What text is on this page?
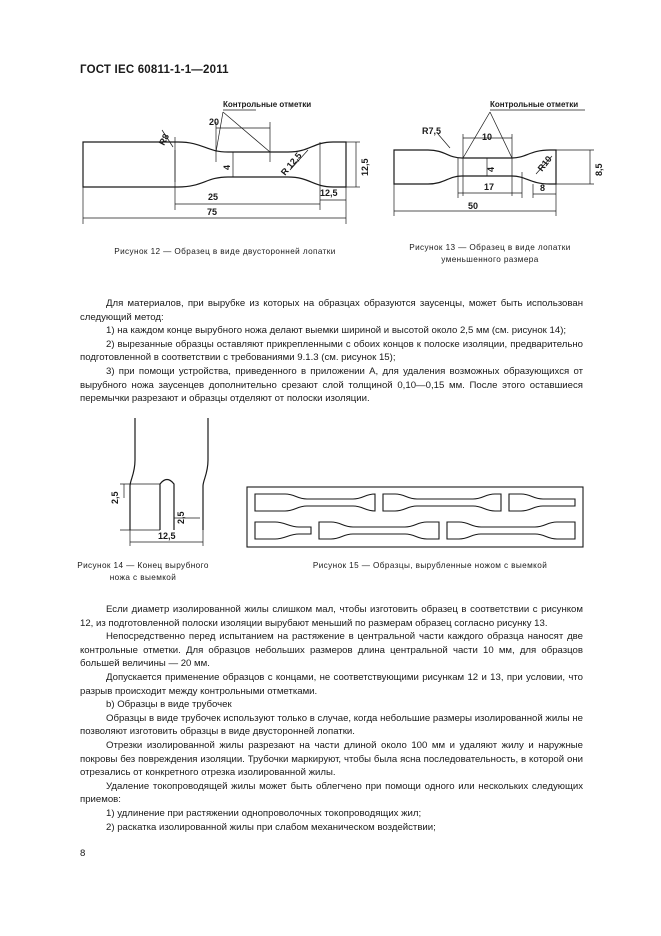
ГОСТ IEC 60811-1-1—2011
Контрольные отметки
20
4
25
75
12,5
12,5
R8
R 12,5
Рисунок 12 — Образец в виде двусторонней лопатки
Контрольные отметки
R7,5
10
4
17
50
8
8,5
R10
Рисунок 13 — Образец в виде лопатки
уменьшенного размера

Для материалов, при вырубке из которых на образцах образуются заусенцы, может быть использован следующий метод:

1) на каждом конце вырубного ножа делают выемки шириной и высотой около 2,5 мм (см. рисунок 14);

2) вырезанные образцы оставляют прикрепленными с обоих концов к полоске изоляции, предварительно подготовленной в соответствии с требованиями 9.1.3 (см. рисунок 15);

3) при помощи устройства, приведенного в приложении А, для удаления возможных образующихся от вырубного ножа заусенцев дополнительно срезают слой толщиной 0,10—0,15 мм. После этого оставшиеся перемычки разрезают и образцы отделяют от полоски изоляции.

2,5
2,5
12,5
Рисунок 14 — Конец вырубного
ножа с выемкой
Рисунок 15 — Образцы, вырубленные ножом с выемкой

Если диаметр изолированной жилы слишком мал, чтобы изготовить образец в соответствии с рисунком 12, из подготовленной полоски изоляции вырубают меньший по размерам образец согласно рисунку 13.

Непосредственно перед испытанием на растяжение в центральной части каждого образца наносят две контрольные отметки. Для образцов небольших размеров длина центральной части 10 мм, для образцов большей величины — 20 мм.

Допускается применение образцов с концами, не соответствующими рисункам 12 и 13, при условии, что разрыв происходит между контрольными отметками.

b) Образцы в виде трубочек

Образцы в виде трубочек используют только в случае, когда небольшие размеры изолированной жилы не позволяют изготовить образцы в виде двусторонней лопатки.

Отрезки изолированной жилы разрезают на части длиной около 100 мм и удаляют жилу и наружные покровы без повреждения изоляции. Трубочки маркируют, чтобы была ясна последовательность, в которой они отрезались от конкретного отрезка изолированной жилы.

Удаление токопроводящей жилы может быть облегчено при помощи одного или нескольких следующих приемов:

1) удлинение при растяжении однопроволочных токопроводящих жил;

2) раскатка изолированной жилы при слабом механическом воздействии;

8
